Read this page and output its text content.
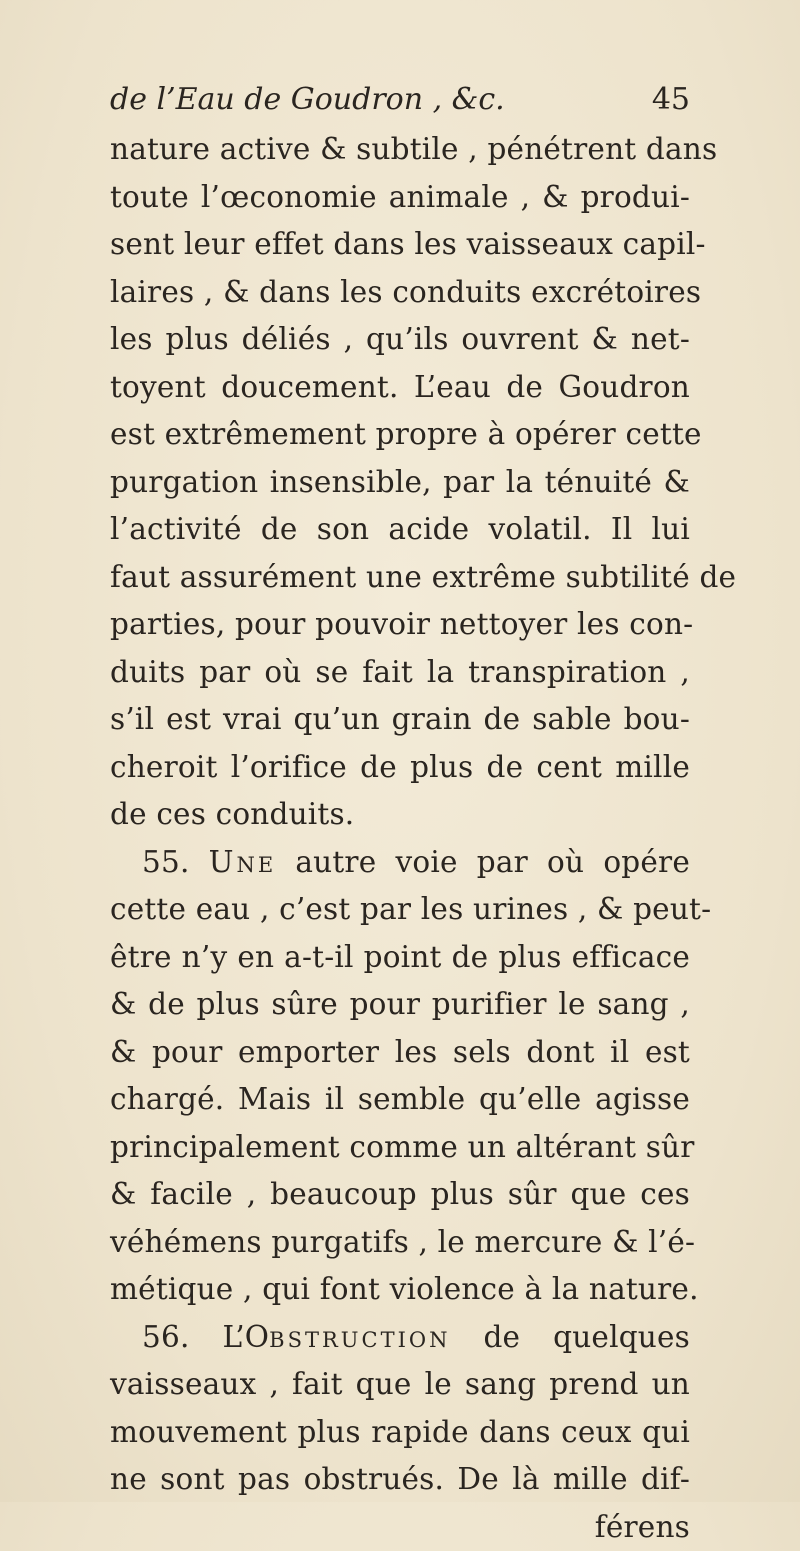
de l’Eau de Goudron , &c.	45
nature active & subtile , pénétrent dans
toute l’œconomie animale , & produi-
sent leur effet dans les vaisseaux capil-
laires , & dans les conduits excrétoires
les plus déliés , qu’ils ouvrent & net-
toyent doucement. L’eau de Goudron
est extrêmement propre à opérer cette
purgation insensible, par la ténuité &
l’activité de son acide volatil. Il lui
faut assurément une extrême subtilité de
parties, pour pouvoir nettoyer les con-
duits par où se fait la transpiration ,
s’il est vrai qu’un grain de sable bou-
cheroit l’orifice de plus de cent mille
de ces conduits.
55. Une autre voie par où opére
cette eau , c’est par les urines , & peut-
être n’y en a-t-il point de plus efficace
& de plus sûre pour purifier le sang ,
& pour emporter les sels dont il est
chargé. Mais il semble qu’elle agisse
principalement comme un altérant sûr
& facile , beaucoup plus sûr que ces
véhémens purgatifs , le mercure & l’é-
métique , qui font violence à la nature.
56. L’Obstruction de quelques
vaisseaux , fait que le sang prend un
mouvement plus rapide dans ceux qui
ne sont pas obstrués. De là mille dif-
férens
